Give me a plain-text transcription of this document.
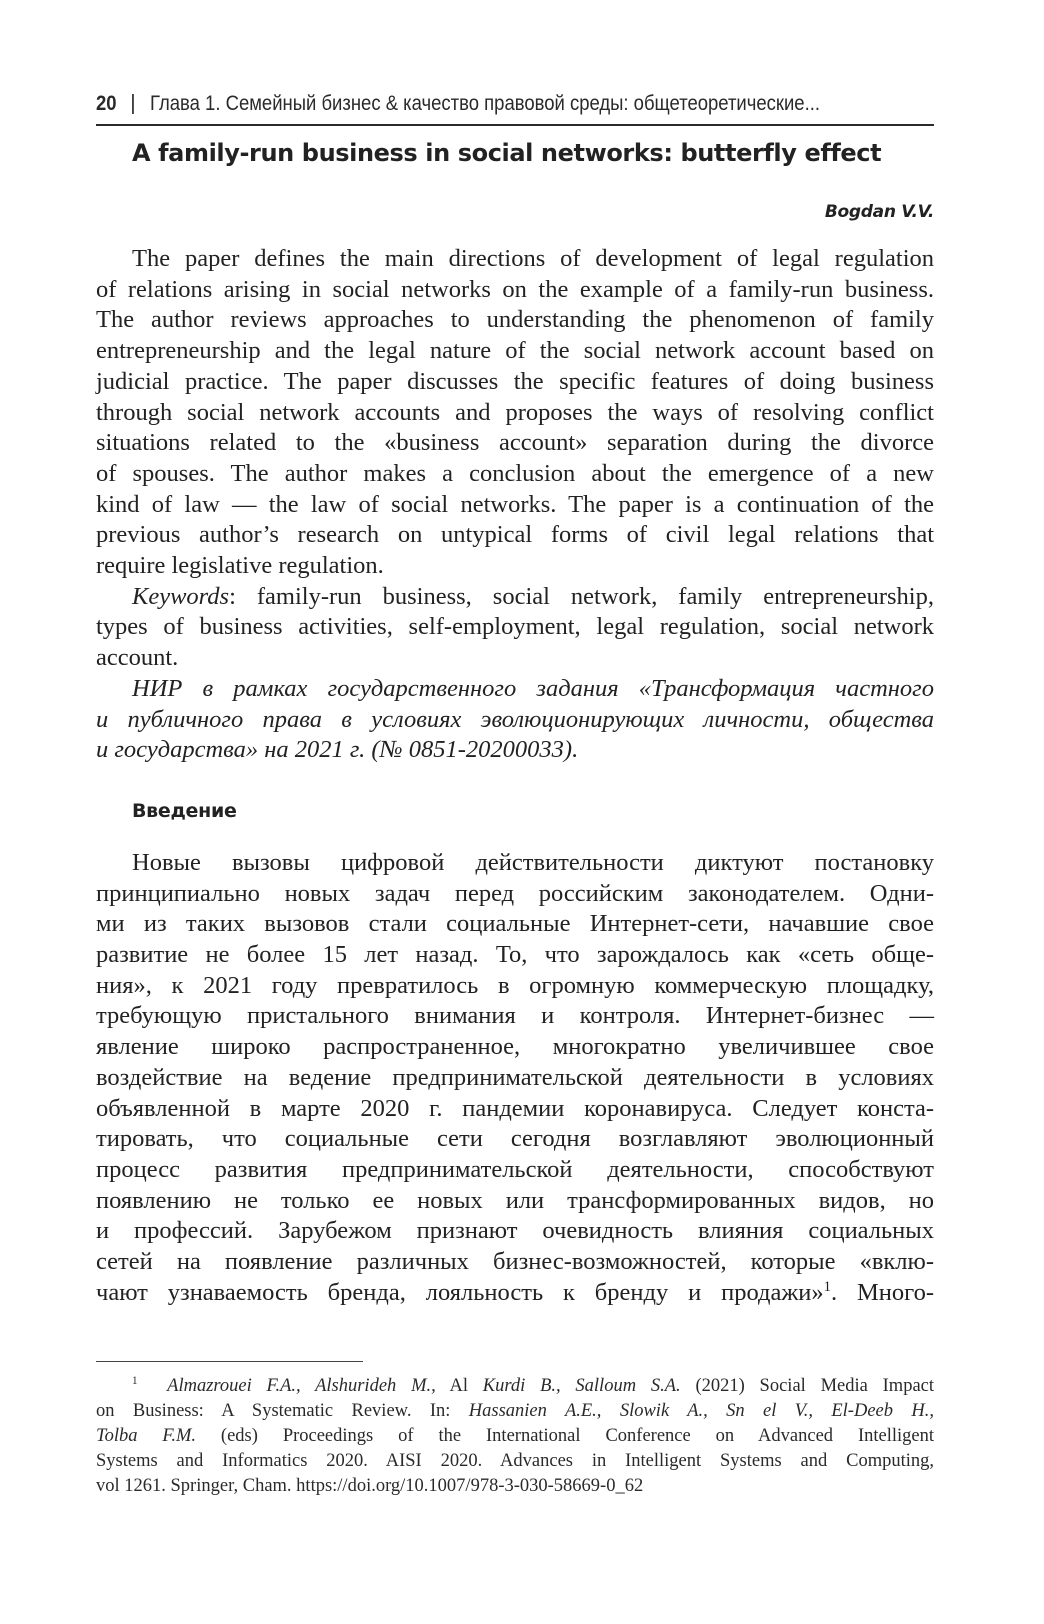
20 Глава 1. Семейный бизнес & качество правовой среды: общетеоретические...
A family-run business in social networks: butterfly effect
Bogdan V.V.
The paper defines the main directions of development of legal regulation
of relations arising in social networks on the example of a family-run business.
The author reviews approaches to understanding the phenomenon of family
entrepreneurship and the legal nature of the social network account based on
judicial practice. The paper discusses the specific features of doing business
through social network accounts and proposes the ways of resolving conflict
situations related to the «business account» separation during the divorce
of spouses. The author makes a conclusion about the emergence of a new
kind of law — the law of social networks. The paper is a continuation of the
previous author’s research on untypical forms of civil legal relations that
require legislative regulation.
Keywords: family-run business, social network, family entrepreneurship,
types of business activities, self-employment, legal regulation, social network
account.
НИР в рамках государственного задания «Трансформация частного
и публичного права в условиях эволюционирующих личности, общества
и государства» на 2021 г. (№ 0851-20200033).
Введение
Новые вызовы цифровой действительности диктуют постановку
принципиально новых задач перед российским законодателем. Одни-
ми из таких вызовов стали социальные Интернет-сети, начавшие свое
развитие не более 15 лет назад. То, что зарождалось как «сеть обще-
ния», к 2021 году превратилось в огромную коммерческую площадку,
требующую пристального внимания и контроля. Интернет-бизнес —
явление широко распространенное, многократно увеличившее свое
воздействие на ведение предпринимательской деятельности в условиях
объявленной в марте 2020 г. пандемии коронавируса. Следует конста-
тировать, что социальные сети сегодня возглавляют эволюционный
процесс развития предпринимательской деятельности, способствуют
появлению не только ее новых или трансформированных видов, но
и профессий. Зарубежом признают очевидность влияния социальных
сетей на появление различных бизнес-возможностей, которые «вклю-
чают узнаваемость бренда, лояльность к бренду и продажи»$^1$. Много-
$^1$ Almazrouei F.A., Alshurideh M., Al Kurdi B., Salloum S.A. (2021) Social Media Impact
on Business: A Systematic Review. In: Hassanien A.E., Slowik A., Sn el V., El-Deeb H.,
Tolba F.M. (eds) Proceedings of the International Conference on Advanced Intelligent
Systems and Informatics 2020. AISI 2020. Advances in Intelligent Systems and Computing,
vol 1261. Springer, Cham. https://doi.org/10.1007/978-3-030-58669-0_62
